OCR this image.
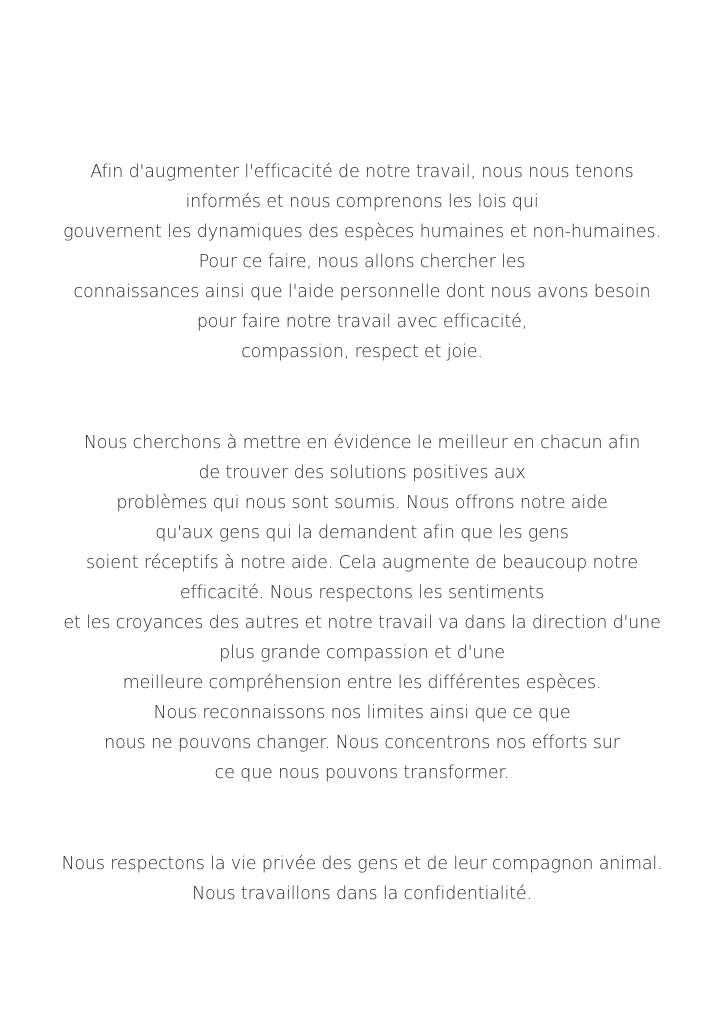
Afin d'augmenter l'efficacité de notre travail, nous nous tenons
informés et nous comprenons les lois qui
gouvernent les dynamiques des espèces humaines et non-humaines.
Pour ce faire, nous allons chercher les
connaissances ainsi que l'aide personnelle dont nous avons besoin
pour faire notre travail avec efficacité,
compassion, respect et joie.
Nous cherchons à mettre en évidence le meilleur en chacun afin
de trouver des solutions positives aux
problèmes qui nous sont soumis. Nous offrons notre aide
qu'aux gens qui la demandent afin que les gens
soient réceptifs à notre aide. Cela augmente de beaucoup notre
efficacité. Nous respectons les sentiments
et les croyances des autres et notre travail va dans la direction d'une
plus grande compassion et d'une
meilleure compréhension entre les différentes espèces.
Nous reconnaissons nos limites ainsi que ce que
nous ne pouvons changer. Nous concentrons nos efforts sur
ce que nous pouvons transformer.
Nous respectons la vie privée des gens et de leur compagnon animal.
Nous travaillons dans la confidentialité.
